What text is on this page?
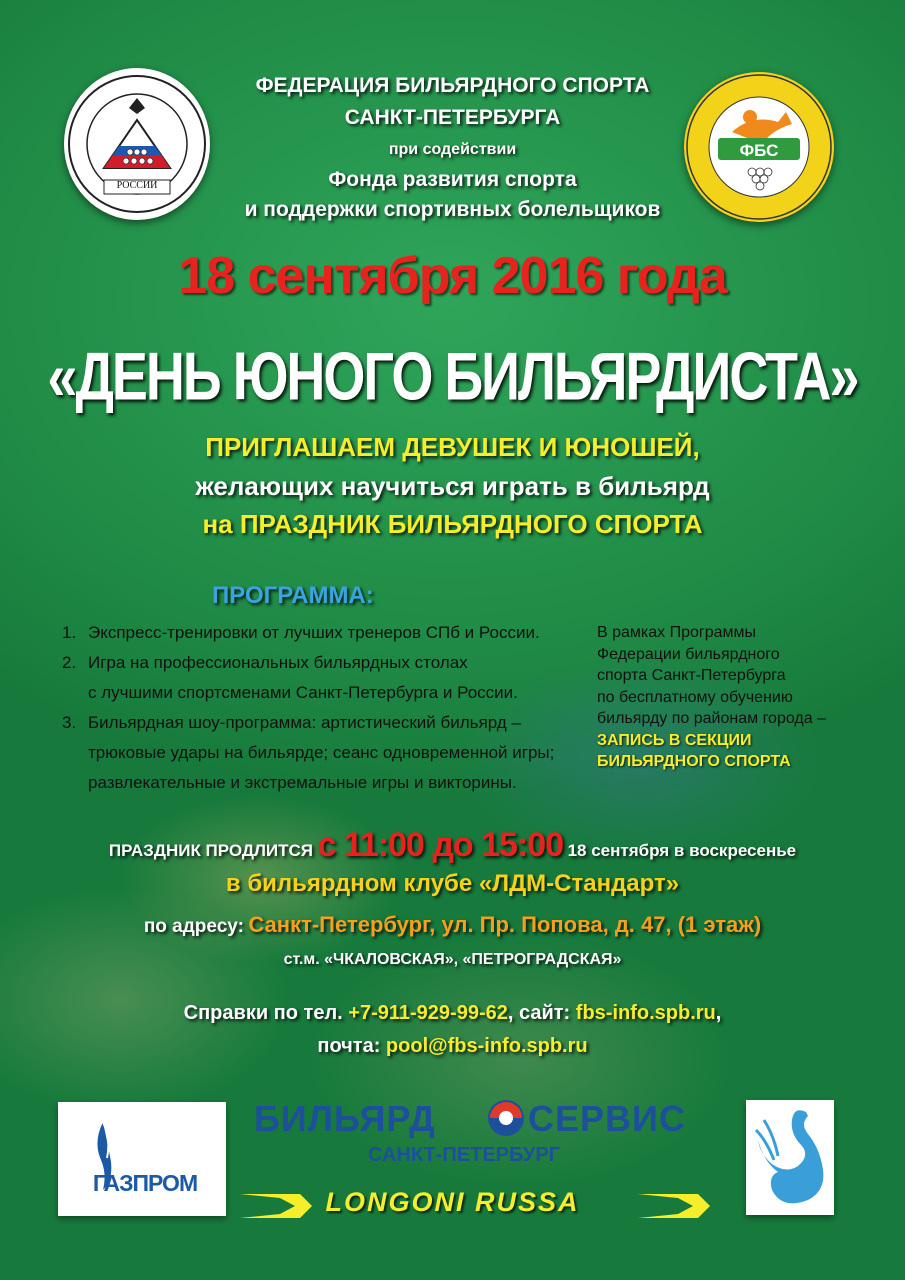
РОССИИ
ФБС
ФЕДЕРАЦИЯ БИЛЬЯРДНОГО СПОРТА
САНКТ-ПЕТЕРБУРГА
при содействии
Фонда развития спорта
и поддержки спортивных болельщиков
18 сентября 2016 года
«ДЕНЬ ЮНОГО БИЛЬЯРДИСТА»
ПРИГЛАШАЕМ ДЕВУШЕК И ЮНОШЕЙ,
желающих научиться играть в бильярд
на ПРАЗДНИК БИЛЬЯРДНОГО СПОРТА
ПРОГРАММА:
1. Экспресс-тренировки от лучших тренеров СПб и России.
2. Игра на профессиональных бильярдных столах
с лучшими спортсменами Санкт-Петербурга и России.
3. Бильярдная шоу-программа: артистический бильярд –
трюковые удары на бильярде; сеанс одновременной игры;
развлекательные и экстремальные игры и викторины.
В рамках Программы
Федерации бильярдного
спорта Санкт-Петербурга
по бесплатному обучению
бильярду по районам города –
ЗАПИСЬ В СЕКЦИИ
БИЛЬЯРДНОГО СПОРТА
ПРАЗДНИК ПРОДЛИТСЯ с 11:00 до 15:00 18 сентября в воскресенье
в бильярдном клубе «ЛДМ-Стандарт»
по адресу: Санкт-Петербург, ул. Пр. Попова, д. 47, (1 этаж)
ст.м. «ЧКАЛОВСКАЯ», «ПЕТРОГРАДСКАЯ»
Справки по тел. +7-911-929-99-62, сайт: fbs-info.spb.ru,
почта: pool@fbs-info.spb.ru
ГАЗПРОМ
БИЛЬЯРД	СЕРВИС
САНКТ-ПЕТЕРБУРГ
LONGONI RUSSA
